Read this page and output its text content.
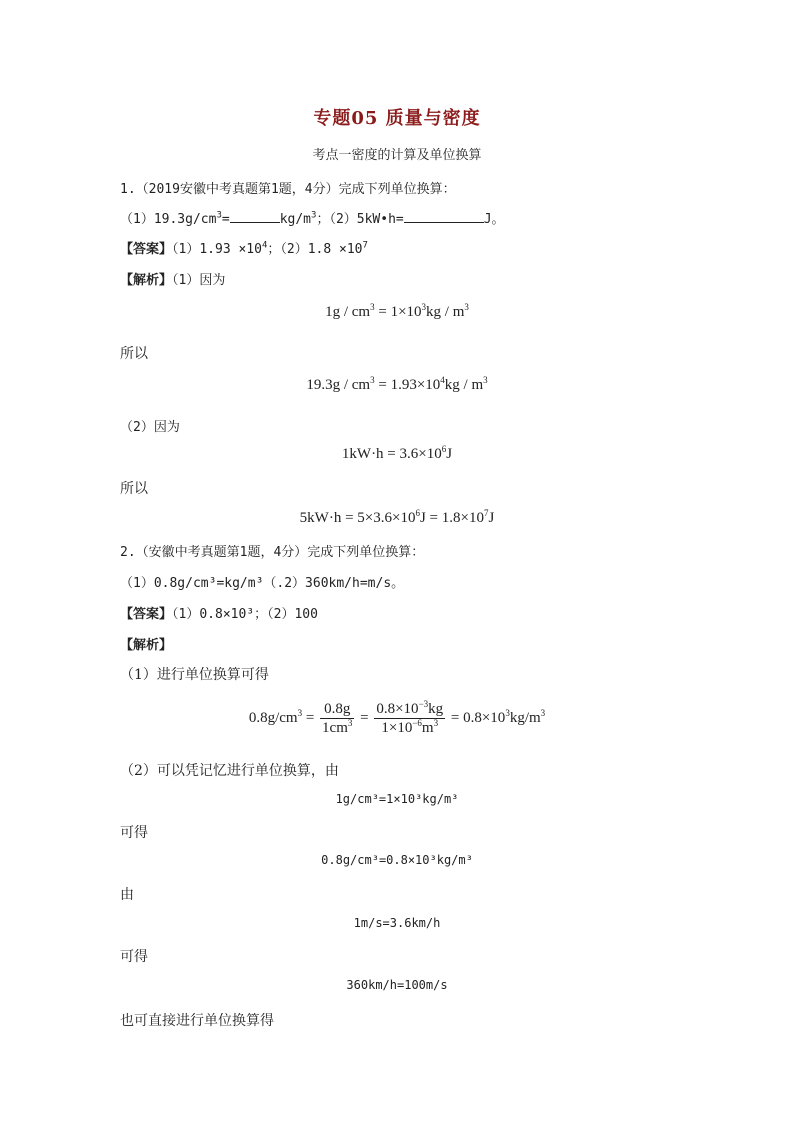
专题05 质量与密度
考点一密度的计算及单位换算
1.（2019安徽中考真题第1题，4分）完成下列单位换算：
$(1)19.3g/cm^3=$	$kg/m^3$；（2）5kW•h=	J。
【答案】$(1)1.93 \times 10^4$；$(2)1.8 \times 10^7$
【解析】（1）因为
$1g / cm^3 = 1\times 10^3kg / m^3$
所以
$19.3g / cm^3 = 1.93\times 10^4kg / m^3$
（2）因为
$1kW\cdot h = 3.6\times 10^6J$
所以
$5kW\cdot h = 5\times 3.6\times 10^6J = 1.8\times 10^7J$
2.（安徽中考真题第1题，4分）完成下列单位换算：
（1）0.8g/cm³=kg/m³（.2）360km/h=m/s。
【答案】（1）0.8×10³；（2）100
【解析】
（1）进行单位换算可得
$0.8g/cm^3 = \frac{0.8g}{1cm^3} = \frac{0.8\times 10^{-3}kg}{1\times 10^{-6}m^3} = 0.8\times 10^3kg/m^3$
（2）可以凭记忆进行单位换算，由
1g/cm³=1×10³kg/m³
可得
0.8g/cm³=0.8×10³kg/m³
由
1m/s=3.6km/h
可得
360km/h=100m/s
也可直接进行单位换算得
